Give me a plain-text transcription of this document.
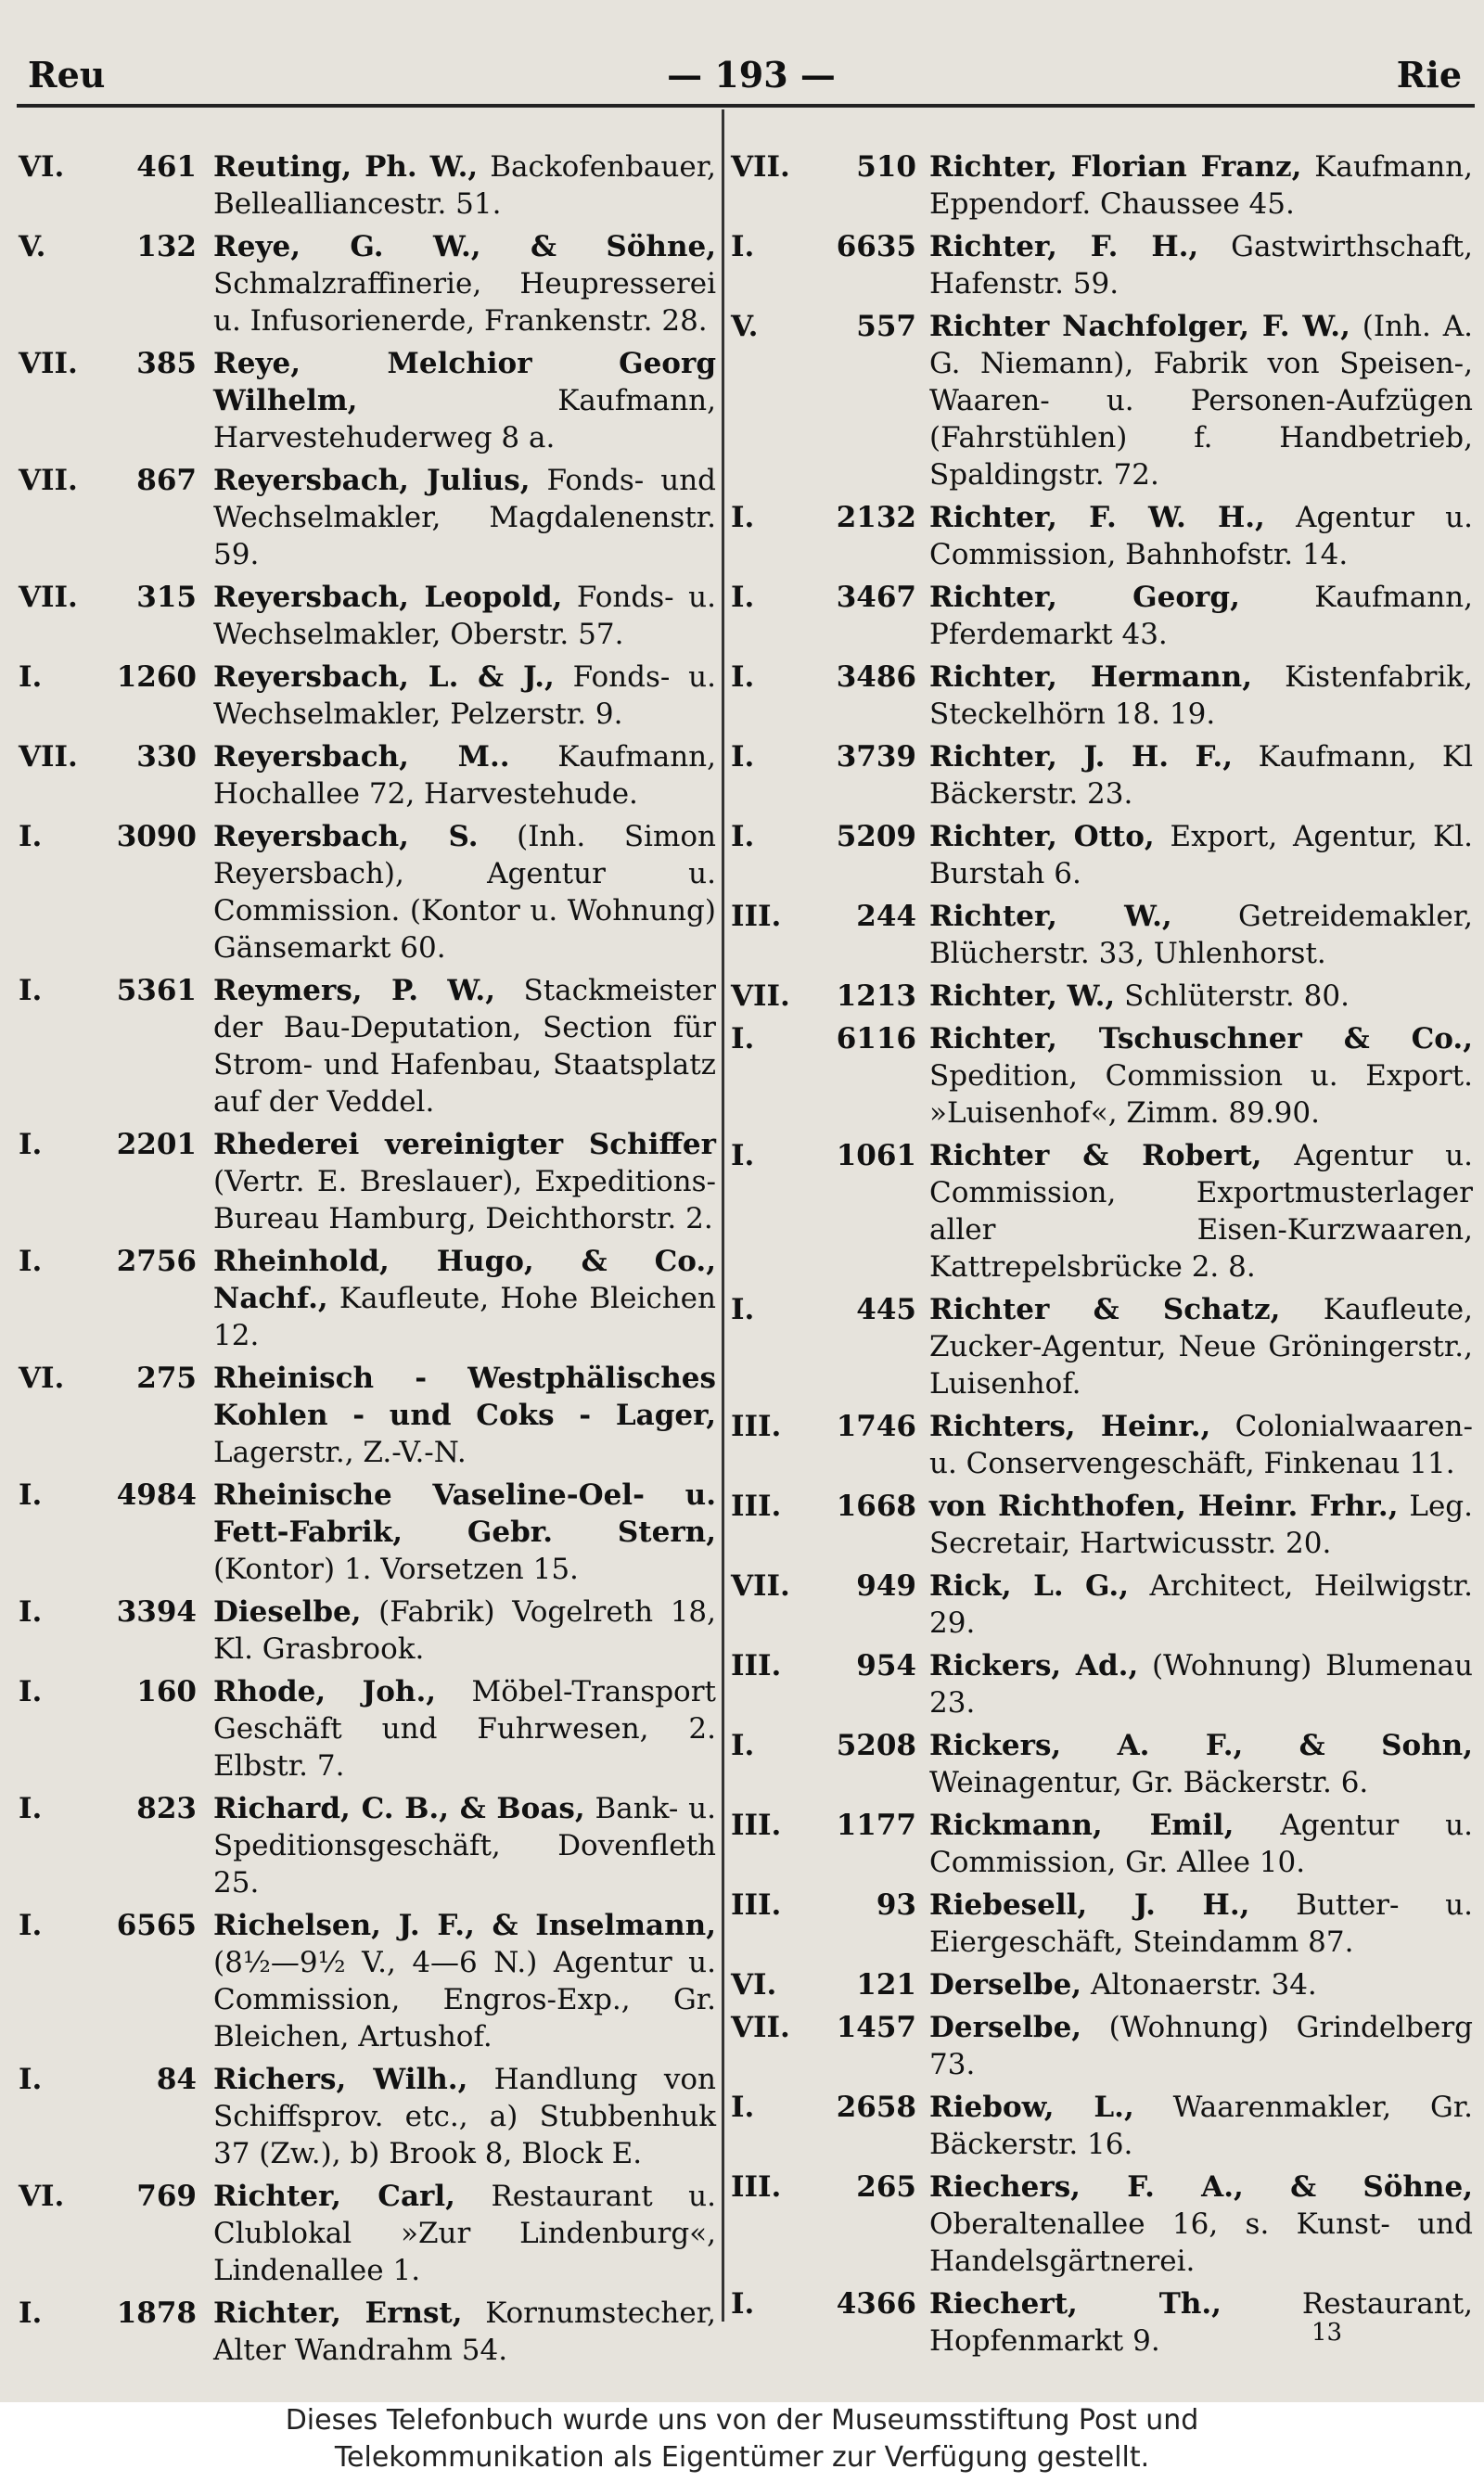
Reu	— 193 —	Rie
VI.	461 Reuting, Ph. W., Backofenbauer, Bellealliancestr. 51.
V.	132 Reye, G. W., & Söhne, Schmalzraffinerie, Heupresserei u. Infusorienerde, Frankenstr. 28.
VII. 385 Reye, Melchior Georg Wilhelm, Kaufmann, Harvestehuderweg 8 a.
VII. 867 Reyersbach, Julius, Fonds- und Wechselmakler, Magdalenenstr. 59.
VII. 315 Reyersbach, Leopold, Fonds- u. Wechselmakler, Oberstr. 57.
I.	1260 Reyersbach, L. & J., Fonds- u. Wechselmakler, Pelzerstr. 9.
VII. 330 Reyersbach, M.. Kaufmann, Hochallee 72, Harvestehude.
I.	3090 Reyersbach, S. (Inh. Simon Reyersbach), Agentur u. Commission. (Kontor u. Wohnung) Gänsemarkt 60.
I.	5361 Reymers, P. W., Stackmeister der Bau-Deputation, Section für Strom- und Hafenbau, Staatsplatz auf der Veddel.
I.	2201 Rhederei vereinigter Schiffer (Vertr. E. Breslauer), Expeditions-Bureau Hamburg, Deichthorstr. 2.
I.	2756 Rheinhold, Hugo, & Co., Nachf., Kaufleute, Hohe Bleichen 12.
VI.	275 Rheinisch - Westphälisches Kohlen - und Coks - Lager, Lagerstr., Z.-V.-N.
I.	4984 Rheinische Vaseline-Oel- u. Fett-Fabrik, Gebr. Stern, (Kontor) 1. Vorsetzen 15.
I.	3394 Dieselbe, (Fabrik) Vogelreth 18, Kl. Grasbrook.
I.	160 Rhode, Joh., Möbel-Transport Geschäft und Fuhrwesen, 2. Elbstr. 7.
I.	823 Richard, C. B., & Boas, Bank- u. Speditionsgeschäft, Dovenfleth 25.
I.	6565 Richelsen, J. F., & Inselmann, (8½—9½ V., 4—6 N.) Agentur u. Commission, Engros-Exp., Gr. Bleichen, Artushof.
I.	84 Richers, Wilh., Handlung von Schiffsprov. etc., a) Stubbenhuk 37 (Zw.), b) Brook 8, Block E.
VI.	769 Richter, Carl, Restaurant u. Clublokal »Zur Lindenburg«, Lindenallee 1.
I.	1878 Richter, Ernst, Kornumstecher, Alter Wandrahm 54.
VII. 510 Richter, Florian Franz, Kaufmann, Eppendorf. Chaussee 45.
I.	6635 Richter, F. H., Gastwirthschaft, Hafenstr. 59.
V.	557 Richter Nachfolger, F. W., (Inh. A. G. Niemann), Fabrik von Speisen-, Waaren- u. Personen-Aufzügen (Fahrstühlen) f. Handbetrieb, Spaldingstr. 72.
I.	2132 Richter, F. W. H., Agentur u. Commission, Bahnhofstr. 14.
I.	3467 Richter, Georg, Kaufmann, Pferdemarkt 43.
I.	3486 Richter, Hermann, Kistenfabrik, Steckelhörn 18. 19.
I.	3739 Richter, J. H. F., Kaufmann, Kl Bäckerstr. 23.
I.	5209 Richter, Otto, Export, Agentur, Kl. Burstah 6.
III.	244 Richter, W., Getreidemakler, Blücherstr. 33, Uhlenhorst.
VII. 1213 Richter, W., Schlüterstr. 80.
I.	6116 Richter, Tschuschner & Co., Spedition, Commission u. Export. »Luisenhof«, Zimm. 89.90.
I.	1061 Richter & Robert, Agentur u. Commission, Exportmusterlager aller Eisen-Kurzwaaren, Kattrepelsbrücke 2. 8.
I.	445 Richter & Schatz, Kaufleute, Zucker-Agentur, Neue Gröningerstr., Luisenhof.
III. 1746 Richters, Heinr., Colonialwaaren- u. Conservengeschäft, Finkenau 11.
III. 1668 von Richthofen, Heinr. Frhr., Leg. Secretair, Hartwicusstr. 20.
VII. 949 Rick, L. G., Architect, Heilwigstr. 29.
III.	954 Rickers, Ad., (Wohnung) Blumenau 23.
I.	5208 Rickers, A. F., & Sohn, Weinagentur, Gr. Bäckerstr. 6.
III. 1177 Rickmann, Emil, Agentur u. Commission, Gr. Allee 10.
III.	93 Riebesell, J. H., Butter- u. Eiergeschäft, Steindamm 87.
VI.	121 Derselbe, Altonaerstr. 34.
VII. 1457 Derselbe, (Wohnung) Grindelberg 73.
I.	2658 Riebow, L., Waarenmakler, Gr. Bäckerstr. 16.
III.	265 Riechers, F. A., & Söhne, Oberaltenallee 16, s. Kunst- und Handelsgärtnerei.
I.	4366 Riechert, Th., Restaurant, Hopfenmarkt 9.	13
Dieses Telefonbuch wurde uns von der Museumsstiftung Post und
Telekommunikation als Eigentümer zur Verfügung gestellt.
